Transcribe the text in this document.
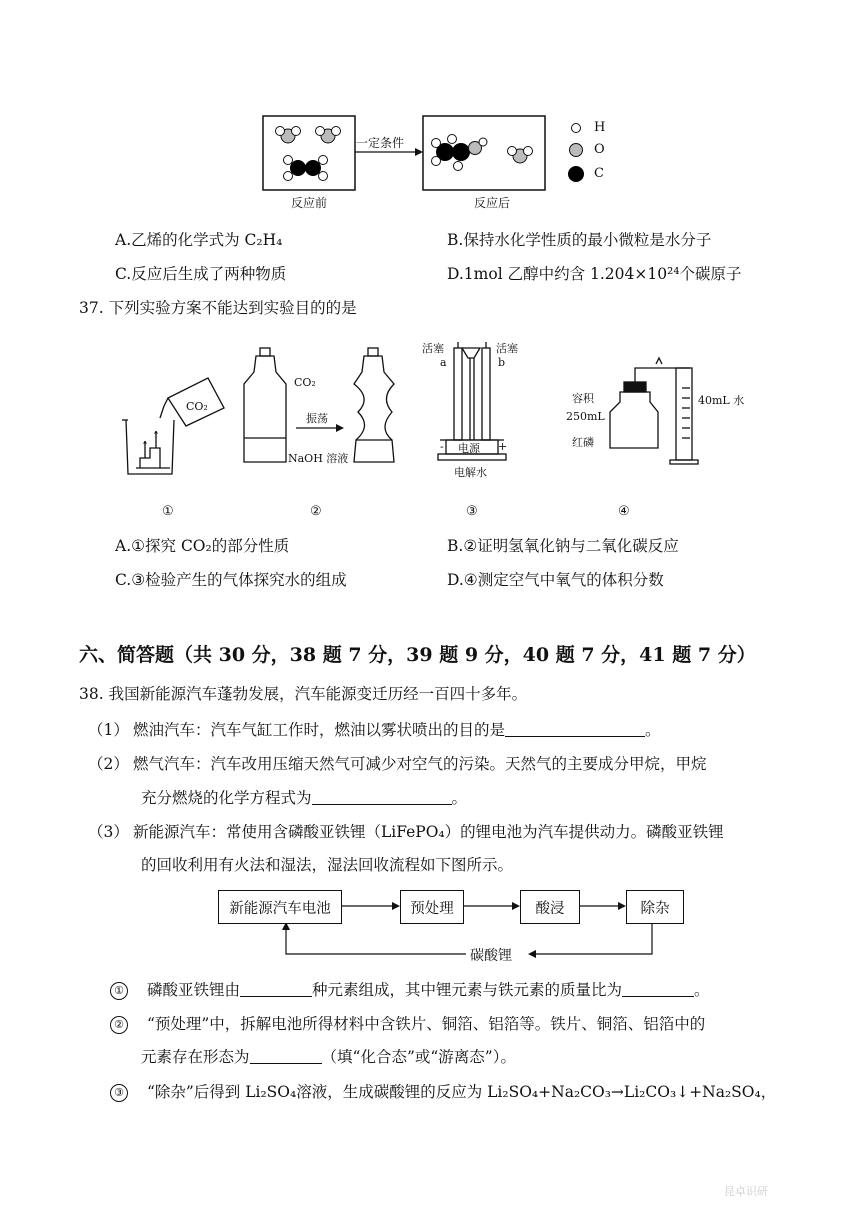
一定条件
反应前	反应后
H
O
C
A.乙烯的化学式为 C₂H₄	B.保持水化学性质的最小微粒是水分子
C.反应后生成了两种物质	D.1mol 乙醇中约含 1.204×10²⁴个碳原子
37. 下列实验方案不能达到实验目的的是
CO₂
CO₂
振荡
NaOH 溶液
活塞	活塞
a	b
电源
-	+
电解水
容积
250mL
红磷
40mL 水
①	②	③	④
A.①探究 CO₂的部分性质	B.②证明氢氧化钠与二氧化碳反应
C.③检验产生的气体探究水的组成	D.④测定空气中氧气的体积分数
六、简答题（共 30 分，38 题 7 分，39 题 9 分，40 题 7 分，41 题 7 分）
38. 我国新能源汽车蓬勃发展，汽车能源变迁历经一百四十多年。
（1） 燃油汽车：汽车气缸工作时，燃油以雾状喷出的目的是	。
（2） 燃气汽车：汽车改用压缩天然气可减少对空气的污染。天然气的主要成分甲烷，甲烷
充分燃烧的化学方程式为	。
（3） 新能源汽车：常使用含磷酸亚铁锂（LiFePO₄）的锂电池为汽车提供动力。磷酸亚铁锂
的回收利用有火法和湿法，湿法回收流程如下图所示。
新能源汽车电池	预处理	酸浸	除杂
碳酸锂
① 磷酸亚铁锂由	种元素组成，其中锂元素与铁元素的质量比为	。
② “预处理”中，拆解电池所得材料中含铁片、铜箔、铝箔等。铁片、铜箔、铝箔中的
元素存在形态为	（填“化合态”或“游离态”）。
③ “除杂”后得到 Li₂SO₄溶液，生成碳酸锂的反应为 Li₂SO₄+Na₂CO₃→Li₂CO₃↓+Na₂SO₄，
昆卓识研
